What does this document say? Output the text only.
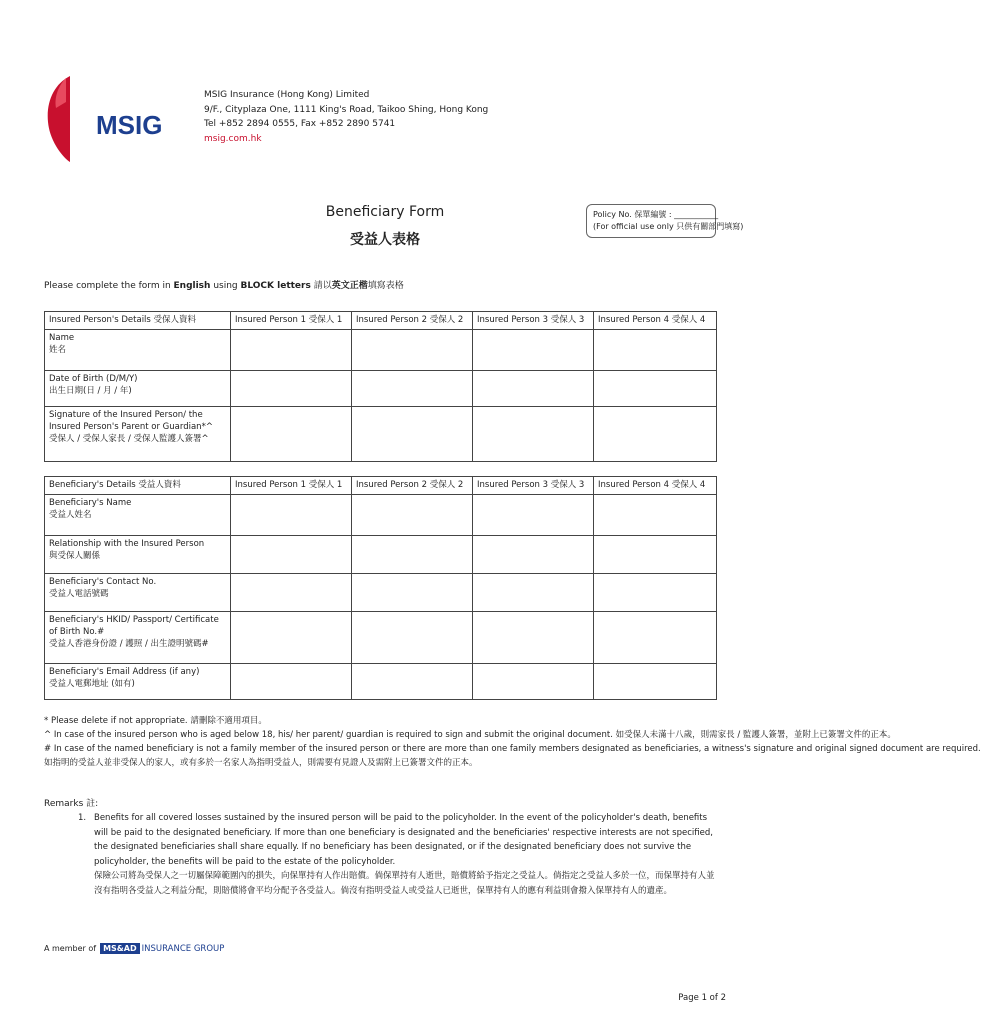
MSIG
MSIG Insurance (Hong Kong) Limited
9/F., Cityplaza One, 1111 King's Road, Taikoo Shing, Hong Kong
Tel +852 2894 0555, Fax +852 2890 5741
msig.com.hk
Beneficiary Form
受益人表格
Policy No. 保單編號 : ___________
(For official use only 只供有關部門填寫)
Please complete the form in English using BLOCK letters 請以英文正楷填寫表格
Insured Person's Details 受保人資料	Insured Person 1 受保人 1	Insured Person 2 受保人 2	Insured Person 3 受保人 3	Insured Person 4 受保人 4

Name
姓名				

Date of Birth (D/M/Y)
出生日期(日 / 月 / 年)				

Signature of the Insured Person/ the Insured Person's Parent or Guardian*^
受保人 / 受保人家長 / 受保人監護人簽署^				

Beneficiary's Details 受益人資料	Insured Person 1 受保人 1	Insured Person 2 受保人 2	Insured Person 3 受保人 3	Insured Person 4 受保人 4

Beneficiary's Name
受益人姓名				

Relationship with the Insured Person
與受保人關係				

Beneficiary's Contact No.
受益人電話號碼				

Beneficiary's HKID/ Passport/ Certificate of Birth No.#
受益人香港身份證 / 護照 / 出生證明號碼#				

Beneficiary's Email Address (if any)
受益人電郵地址 (如有)				

* Please delete if not appropriate. 請刪除不適用項目。
^ In case of the insured person who is aged below 18, his/ her parent/ guardian is required to sign and submit the original document. 如受保人未滿十八歲，則需家長 / 監護人簽署，並附上已簽署文件的正本。
# In case of the named beneficiary is not a family member of the insured person or there are more than one family members designated as beneficiaries, a witness's signature and original signed document are required.
如指明的受益人並非受保人的家人，或有多於一名家人為指明受益人，則需要有見證人及需附上已簽署文件的正本。
Remarks 註:
1. Benefits for all covered losses sustained by the insured person will be paid to the policyholder. In the event of the policyholder's death, benefits will be paid to the designated beneficiary. If more than one beneficiary is designated and the beneficiaries' respective interests are not specified, the designated beneficiaries shall share equally. If no beneficiary has been designated, or if the designated beneficiary does not survive the policyholder, the benefits will be paid to the estate of the policyholder.
保險公司將為受保人之一切屬保障範圍內的損失，向保單持有人作出賠償。倘保單持有人逝世，賠償將給予指定之受益人。倘指定之受益人多於一位，而保單持有人並沒有指明各受益人之利益分配，則賠償將會平均分配予各受益人。倘沒有指明受益人或受益人已逝世，保單持有人的應有利益則會撥入保單持有人的遺產。
A member of MS&AD INSURANCE GROUP
Page 1 of 2
